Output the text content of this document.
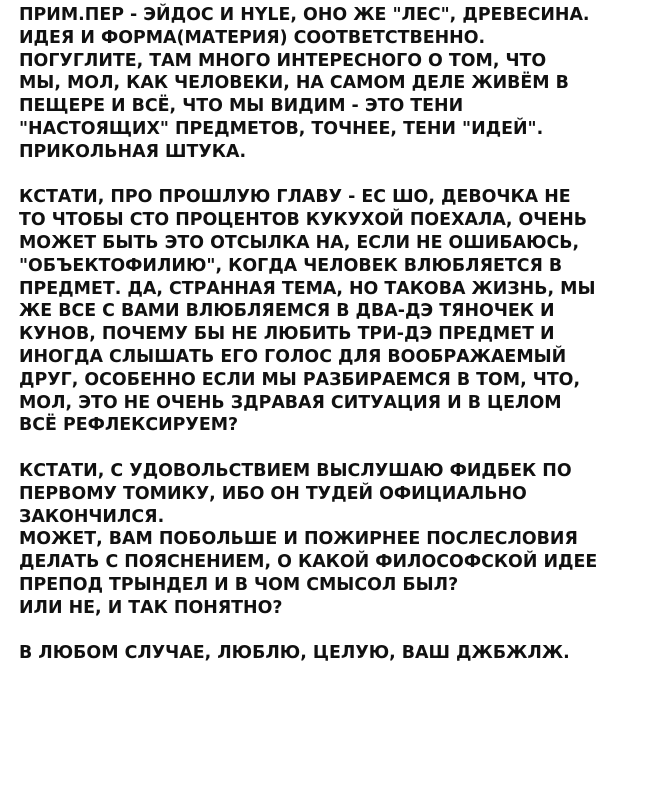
ПРИМ.ПЕР - ЭЙДОС И HYLE, ОНО ЖЕ "ЛЕС", ДРЕВЕСИНА.
ИДЕЯ И ФОРМА(МАТЕРИЯ) СООТВЕТСТВЕННО.
ПОГУГЛИТЕ, ТАМ МНОГО ИНТЕРЕСНОГО О ТОМ, ЧТО
МЫ, МОЛ, КАК ЧЕЛОВЕКИ, НА САМОМ ДЕЛЕ ЖИВЁМ В
ПЕЩЕРЕ И ВСЁ, ЧТО МЫ ВИДИМ - ЭТО ТЕНИ
"НАСТОЯЩИХ" ПРЕДМЕТОВ, ТОЧНЕЕ, ТЕНИ "ИДЕЙ".
ПРИКОЛЬНАЯ ШТУКА.

КСТАТИ, ПРО ПРОШЛУЮ ГЛАВУ - ЕС ШО, ДЕВОЧКА НЕ
ТО ЧТОБЫ СТО ПРОЦЕНТОВ КУКУХОЙ ПОЕХАЛА, ОЧЕНЬ
МОЖЕТ БЫТЬ ЭТО ОТСЫЛКА НА, ЕСЛИ НЕ ОШИБАЮСЬ,
"ОБЪЕКТОФИЛИЮ", КОГДА ЧЕЛОВЕК ВЛЮБЛЯЕТСЯ В
ПРЕДМЕТ. ДА, СТРАННАЯ ТЕМА, НО ТАКОВА ЖИЗНЬ, МЫ
ЖЕ ВСЕ С ВАМИ ВЛЮБЛЯЕМСЯ В ДВА-ДЭ ТЯНОЧЕК И
КУНОВ, ПОЧЕМУ БЫ НЕ ЛЮБИТЬ ТРИ-ДЭ ПРЕДМЕТ И
ИНОГДА СЛЫШАТЬ ЕГО ГОЛОС ДЛЯ ВООБРАЖАЕМЫЙ
ДРУГ, ОСОБЕННО ЕСЛИ МЫ РАЗБИРАЕМСЯ В ТОМ, ЧТО,
МОЛ, ЭТО НЕ ОЧЕНЬ ЗДРАВАЯ СИТУАЦИЯ И В ЦЕЛОМ
ВСЁ РЕФЛЕКСИРУЕМ?

КСТАТИ, С УДОВОЛЬСТВИЕМ ВЫСЛУШАЮ ФИДБЕК ПО
ПЕРВОМУ ТОМИКУ, ИБО ОН ТУДЕЙ ОФИЦИАЛЬНО
ЗАКОНЧИЛСЯ.
МОЖЕТ, ВАМ ПОБОЛЬШЕ И ПОЖИРНЕЕ ПОСЛЕСЛОВИЯ
ДЕЛАТЬ С ПОЯСНЕНИЕМ, О КАКОЙ ФИЛОСОФСКОЙ ИДЕЕ
ПРЕПОД ТРЫНДЕЛ И В ЧОМ СМЫСОЛ БЫЛ?
ИЛИ НЕ, И ТАК ПОНЯТНО?

В ЛЮБОМ СЛУЧАЕ, ЛЮБЛЮ, ЦЕЛУЮ, ВАШ ДЖБЖЛЖ.
